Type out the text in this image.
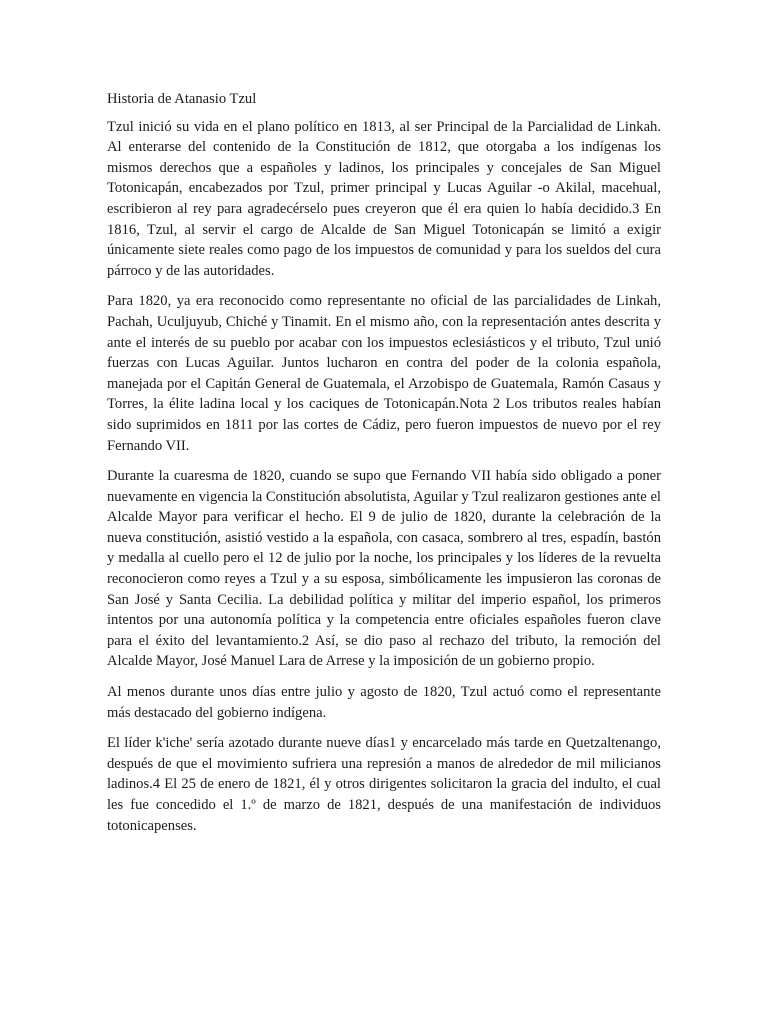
Historia de Atanasio Tzul

Tzul inició su vida en el plano político en 1813, al ser Principal de la Parcialidad de Linkah. Al enterarse del contenido de la Constitución de 1812, que otorgaba a los indígenas los mismos derechos que a españoles y ladinos, los principales y concejales de San Miguel Totonicapán, encabezados por Tzul, primer principal y Lucas Aguilar -o Akilal, macehual, escribieron al rey para agradecérselo pues creyeron que él era quien lo había decidido.3 En 1816, Tzul, al servir el cargo de Alcalde de San Miguel Totonicapán se limitó a exigir únicamente siete reales como pago de los impuestos de comunidad y para los sueldos del cura párroco y de las autoridades.

Para 1820, ya era reconocido como representante no oficial de las parcialidades de Linkah, Pachah, Uculjuyub, Chiché y Tinamit. En el mismo año, con la representación antes descrita y ante el interés de su pueblo por acabar con los impuestos eclesiásticos y el tributo, Tzul unió fuerzas con Lucas Aguilar. Juntos lucharon en contra del poder de la colonia española, manejada por el Capitán General de Guatemala, el Arzobispo de Guatemala, Ramón Casaus y Torres, la élite ladina local y los caciques de Totonicapán.Nota 2 Los tributos reales habían sido suprimidos en 1811 por las cortes de Cádiz, pero fueron impuestos de nuevo por el rey Fernando VII.

Durante la cuaresma de 1820, cuando se supo que Fernando VII había sido obligado a poner nuevamente en vigencia la Constitución absolutista, Aguilar y Tzul realizaron gestiones ante el Alcalde Mayor para verificar el hecho. El 9 de julio de 1820, durante la celebración de la nueva constitución, asistió vestido a la española, con casaca, sombrero al tres, espadín, bastón y medalla al cuello pero el 12 de julio por la noche, los principales y los líderes de la revuelta reconocieron como reyes a Tzul y a su esposa, simbólicamente les impusieron las coronas de San José y Santa Cecilia. La debilidad política y militar del imperio español, los primeros intentos por una autonomía política y la competencia entre oficiales españoles fueron clave para el éxito del levantamiento.2 Así, se dio paso al rechazo del tributo, la remoción del Alcalde Mayor, José Manuel Lara de Arrese y la imposición de un gobierno propio.

Al menos durante unos días entre julio y agosto de 1820, Tzul actuó como el representante más destacado del gobierno indígena.

El líder k'iche' sería azotado durante nueve días1 y encarcelado más tarde en Quetzaltenango, después de que el movimiento sufriera una represión a manos de alrededor de mil milicianos ladinos.4 El 25 de enero de 1821, él y otros dirigentes solicitaron la gracia del indulto, el cual les fue concedido el 1.º de marzo de 1821, después de una manifestación de individuos totonicapenses.
